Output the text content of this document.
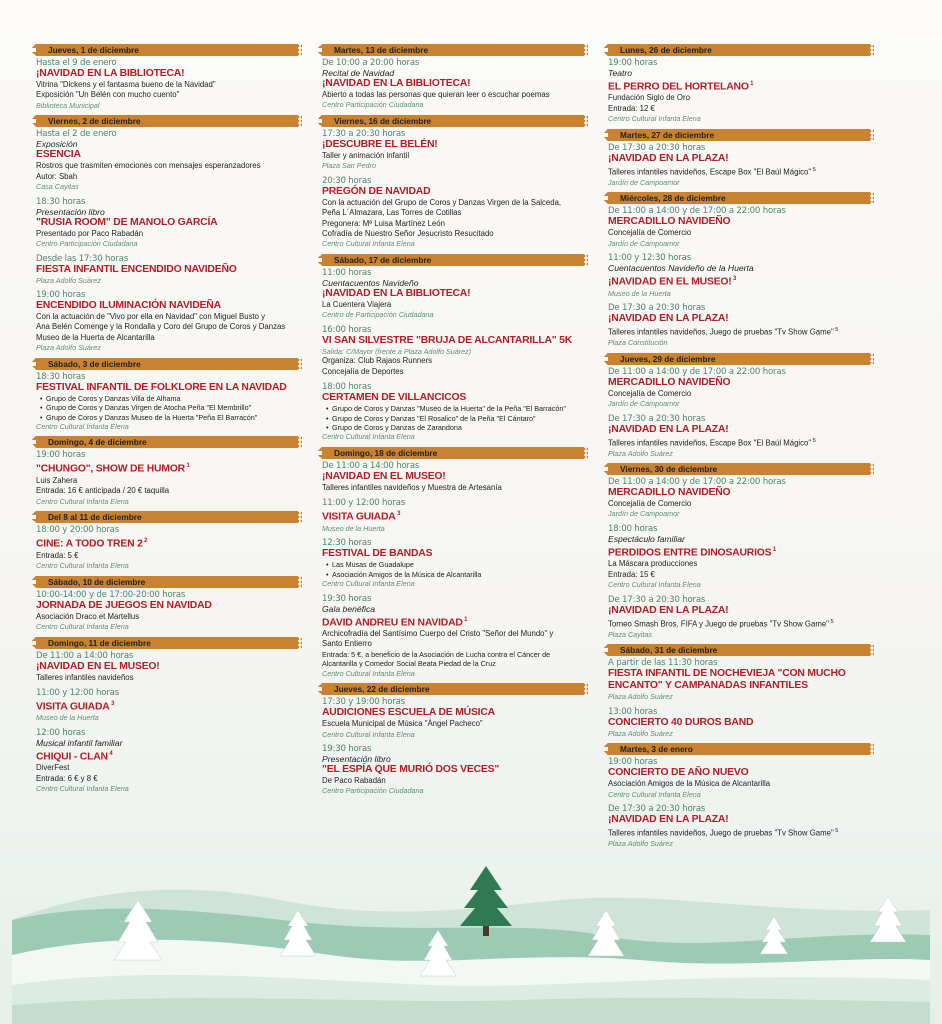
Jueves, 1 de diciembre
Hasta el 9 de enero
¡NAVIDAD EN LA BIBLIOTECA!
Vitrina "Dickens y el fantasma bueno de la Navidad"
Exposición "Un Belén con mucho cuento"
Biblioteca Municipal
Viernes, 2 de diciembre
Hasta el 2 de enero
Exposición
ESENCIA
Rostros que trasmiten emociones con mensajes esperanzadores
Autor: Sbah
Casa Cayitas
18:30 horas
Presentación libro
"RUSIA ROOM" DE MANOLO GARCÍA
Presentado por Paco Rabadán
Centro Participación Ciudadana
Desde las 17:30 horas
FIESTA INFANTIL ENCENDIDO NAVIDEÑO
Plaza Adolfo Suárez
19:00 horas
ENCENDIDO ILUMINACIÓN NAVIDEÑA
Con la actuación de "Vivo por ella en Navidad" con Miguel Busto y
Ana Belén Comenge y la Rondalla y Coro del Grupo de Coros y Danzas
Museo de la Huerta de Alcantarilla
Plaza Adolfo Suárez
Sábado, 3 de diciembre
18:30 horas
FESTIVAL INFANTIL DE FOLKLORE EN LA NAVIDAD
• Grupo de Coros y Danzas Villa de Alhama
• Grupo de Coros y Danzas Virgen de Atocha Peña "El Membrillo"
• Grupo de Coros y Danzas Museo de la Huerta "Peña El Barracón"
Centro Cultural Infanta Elena
Domingo, 4 de diciembre
19:00 horas
"CHUNGO", SHOW DE HUMOR $^1$
Luis Zahera
Entrada: 16 € anticipada / 20 € taquilla
Centro Cultural Infanta Elena
Del 8 al 11 de diciembre
18:00 y 20:00 horas
CINE: A TODO TREN 2 $^2$
Entrada: 5 €
Centro Cultural Infanta Elena
Sábado, 10 de diciembre
10:00-14:00 y de 17:00-20:00 horas
JORNADA DE JUEGOS EN NAVIDAD
Asociación Draco et Martellus
Centro Cultural Infanta Elena
Domingo, 11 de diciembre
De 11:00 a 14:00 horas
¡NAVIDAD EN EL MUSEO!
Talleres infantiles navideños
11:00 y 12:00 horas
VISITA GUIADA $^3$
Museo de la Huerta
12:00 horas
Musical infantil familiar
CHIQUI - CLAN $^4$
DiverFest
Entrada: 6 € y 8 €
Centro Cultural Infanta Elena
Martes, 13 de diciembre
De 10:00 a 20:00 horas
Recital de Navidad
¡NAVIDAD EN LA BIBLIOTECA!
Abierto a todas las personas que quieran leer o escuchar poemas
Centro Participación Ciudadana
Viernes, 16 de diciembre
17:30 a 20:30 horas
¡DESCUBRE EL BELÉN!
Taller y animación infantil
Plaza San Pedro
20:30 horas
PREGÓN DE NAVIDAD
Con la actuación del Grupo de Coros y Danzas Virgen de la Salceda,
Peña L´Almazara, Las Torres de Cotillas
Pregonera: Mª Luisa Martínez León
Cofradía de Nuestro Señor Jesucristo Resucitado
Centro Cultural Infanta Elena
Sábado, 17 de diciembre
11:00 horas
Cuentacuentos Navideño
¡NAVIDAD EN LA BIBLIOTECA!
La Cuentera Viajera
Centro de Participación Ciudadana
16:00 horas
VI SAN SILVESTRE "BRUJA DE ALCANTARILLA" 5K
Salida: C/Mayor (frente a Plaza Adolfo Suárez)
Organiza: Club Rajaos Runners
Concejalía de Deportes
18:00 horas
CERTAMEN DE VILLANCICOS
• Grupo de Coros y Danzas "Museo de la Huerta" de la Peña "El Barracón"
• Grupo de Coros y Danzas "El Rosalico" de la Peña "El Cántaro"
• Grupo de Coros y Danzas de Zarandona
Centro Cultural Infanta Elena
Domingo, 18 de diciembre
De 11:00 a 14:00 horas
¡NAVIDAD EN EL MUSEO!
Talleres infantiles navideños y Muestra de Artesanía
11:00 y 12:00 horas
VISITA GUIADA $^3$
Museo de la Huerta
12:30 horas
FESTIVAL DE BANDAS
• Las Musas de Guadalupe
• Asociación Amigos de la Música de Alcantarilla
Centro Cultural Infanta Elena
19:30 horas
Gala benéfica
DAVID ANDREU EN NAVIDAD $^1$
Archicofradía del Santísimo Cuerpo del Cristo "Señor del Mundo" y
Santo Entierro
Entrada: 5 €, a beneficio de la Asociación de Lucha contra el Cáncer de
Alcantarilla y Comedor Social Beata Piedad de la Cruz
Centro Cultural Infanta Elena
Jueves, 22 de diciembre
17:30 y 19:00 horas
AUDICIONES ESCUELA DE MÚSICA
Escuela Municipal de Música "Ángel Pacheco"
Centro Cultural Infanta Elena
19:30 horas
Presentación libro
"EL ESPÍA QUE MURIÓ DOS VECES"
De Paco Rabadán
Centro Participación Ciudadana
Lunes, 26 de diciembre
19:00 horas
Teatro
EL PERRO DEL HORTELANO $^1$
Fundación Siglo de Oro
Entrada: 12 €
Centro Cultural Infanta Elena
Martes, 27 de diciembre
De 17:30 a 20:30 horas
¡NAVIDAD EN LA PLAZA!
Talleres infantiles navideños, Escape Box "El Baúl Mágico" $^5$
Jardín de Campoamor
Miércoles, 28 de diciembre
De 11:00 a 14:00 y de 17:00 a 22:00 horas
MERCADILLO NAVIDEÑO
Concejalía de Comercio
Jardín de Campoamor
11:00 y 12:30 horas
Cuentacuentos Navideño de la Huerta
¡NAVIDAD EN EL MUSEO! $^3$
Museo de la Huerta
De 17:30 a 20:30 horas
¡NAVIDAD EN LA PLAZA!
Talleres infantiles navideños, Juego de pruebas "Tv Show Game" $^5$
Plaza Constitución
Jueves, 29 de diciembre
De 11:00 a 14:00 y de 17:00 a 22:00 horas
MERCADILLO NAVIDEÑO
Concejalía de Comercio
Jardín de Campoamor
De 17:30 a 20:30 horas
¡NAVIDAD EN LA PLAZA!
Talleres infantiles navideños, Escape Box "El Baúl Mágico" $^5$
Plaza Adolfo Suárez
Viernes, 30 de diciembre
De 11:00 a 14:00 y de 17:00 a 22:00 horas
MERCADILLO NAVIDEÑO
Concejalía de Comercio
Jardín de Campoamor
18:00 horas
Espectáculo familiar
PERDIDOS ENTRE DINOSAURIOS $^1$
La Máscara producciones
Entrada: 15 €
Centro Cultural Infanta Elena
De 17:30 a 20:30 horas
¡NAVIDAD EN LA PLAZA!
Torneo Smash Bros, FIFA y Juego de pruebas "Tv Show Game" $^5$
Plaza Cayitas
Sábado, 31 de diciembre
A partir de las 11:30 horas
FIESTA INFANTIL DE NOCHEVIEJA "CON MUCHO ENCANTO" Y CAMPANADAS INFANTILES
Plaza Adolfo Suárez
13:00 horas
CONCIERTO 40 DUROS BAND
Plaza Adolfo Suárez
Martes, 3 de enero
19:00 horas
CONCIERTO DE AÑO NUEVO
Asociación Amigos de la Música de Alcantarilla
Centro Cultural Infanta Elena
De 17:30 a 20:30 horas
¡NAVIDAD EN LA PLAZA!
Talleres infantiles navideños, Juego de pruebas "Tv Show Game" $^5$
Plaza Adolfo Suárez
